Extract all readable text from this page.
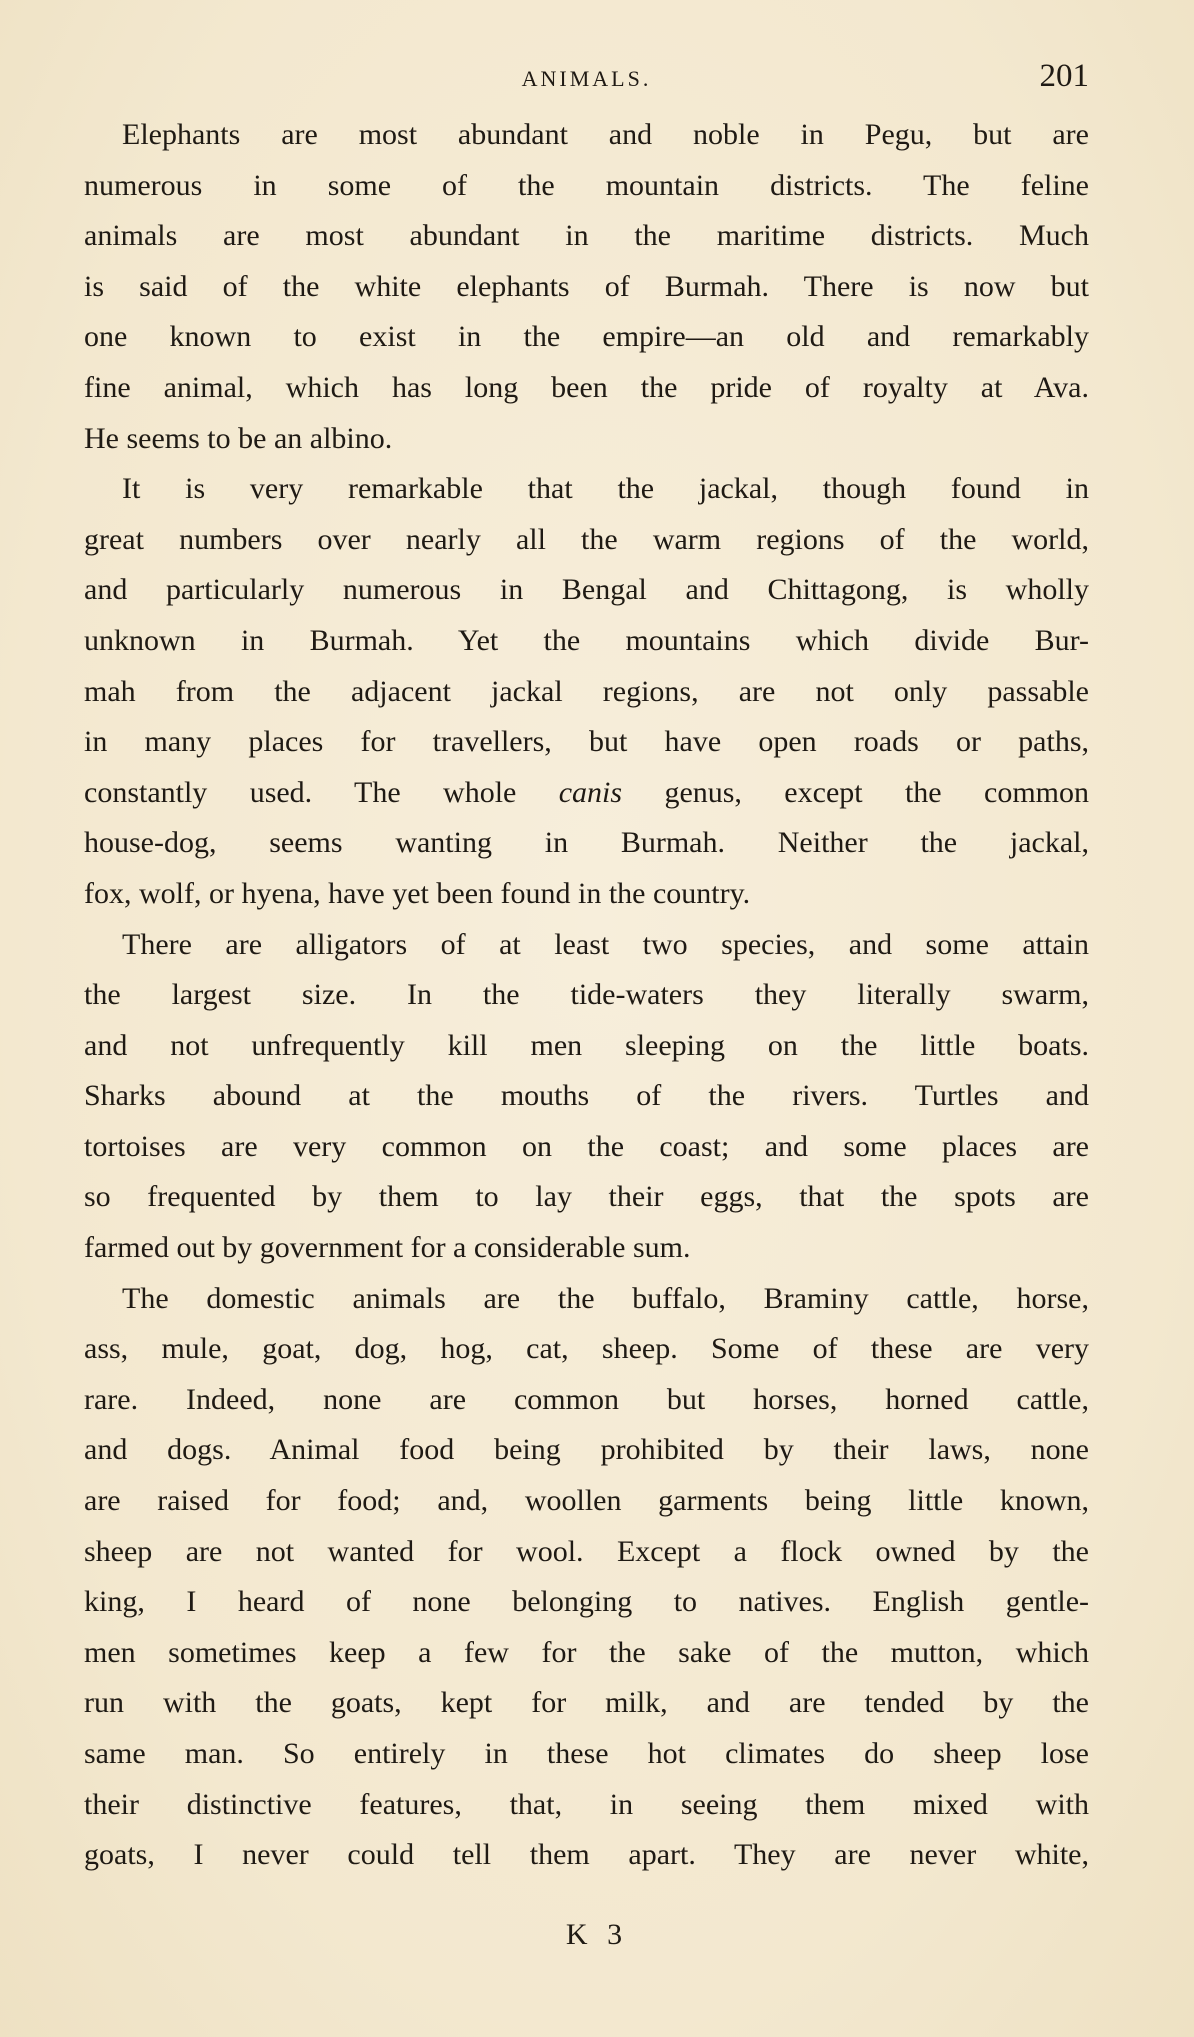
ANIMALS.	201
Elephants are most abundant and noble in Pegu, but are
numerous in some of the mountain districts. The feline
animals are most abundant in the maritime districts. Much
is said of the white elephants of Burmah. There is now but
one known to exist in the empire—an old and remarkably
fine animal, which has long been the pride of royalty at Ava.
He seems to be an albino.
It is very remarkable that the jackal, though found in
great numbers over nearly all the warm regions of the world,
and particularly numerous in Bengal and Chittagong, is wholly
unknown in Burmah. Yet the mountains which divide Bur-
mah from the adjacent jackal regions, are not only passable
in many places for travellers, but have open roads or paths,
constantly used. The whole canis genus, except the common
house-dog, seems wanting in Burmah. Neither the jackal,
fox, wolf, or hyena, have yet been found in the country.
There are alligators of at least two species, and some attain
the largest size. In the tide-waters they literally swarm,
and not unfrequently kill men sleeping on the little boats.
Sharks abound at the mouths of the rivers. Turtles and
tortoises are very common on the coast; and some places are
so frequented by them to lay their eggs, that the spots are
farmed out by government for a considerable sum.
The domestic animals are the buffalo, Braminy cattle, horse,
ass, mule, goat, dog, hog, cat, sheep. Some of these are very
rare. Indeed, none are common but horses, horned cattle,
and dogs. Animal food being prohibited by their laws, none
are raised for food; and, woollen garments being little known,
sheep are not wanted for wool. Except a flock owned by the
king, I heard of none belonging to natives. English gentle-
men sometimes keep a few for the sake of the mutton, which
run with the goats, kept for milk, and are tended by the
same man. So entirely in these hot climates do sheep lose
their distinctive features, that, in seeing them mixed with
goats, I never could tell them apart. They are never white,
K 3
